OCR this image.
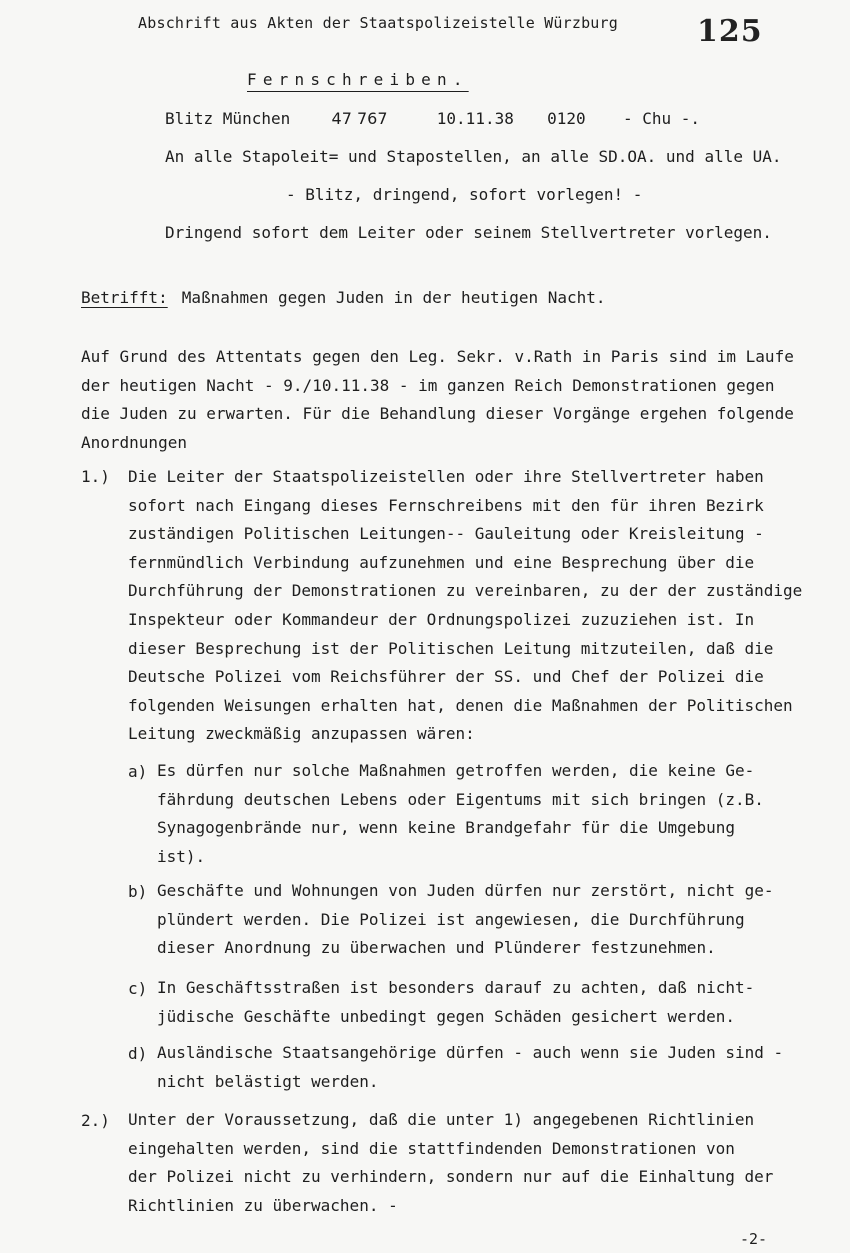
Abschrift aus Akten der Staatspolizeistelle Würzburg	125
Fernschreiben.
Blitz München	47 767	10.11.38 0120 - Chu -.
An alle Stapoleit= und Stapostellen, an alle SD.OA. und alle UA.
- Blitz, dringend, sofort vorlegen! -
Dringend sofort dem Leiter oder seinem Stellvertreter vorlegen.
Betrifft: Maßnahmen gegen Juden in der heutigen Nacht.
Auf Grund des Attentats gegen den Leg. Sekr. v.Rath in Paris sind im Laufe
der heutigen Nacht - 9./10.11.38 - im ganzen Reich Demonstrationen gegen
die Juden zu erwarten. Für die Behandlung dieser Vorgänge ergehen folgende
Anordnungen
1.) Die Leiter der Staatspolizeistellen oder ihre Stellvertreter haben
sofort nach Eingang dieses Fernschreibens mit den für ihren Bezirk
zuständigen Politischen Leitungen-- Gauleitung oder Kreisleitung -
fernmündlich Verbindung aufzunehmen und eine Besprechung über die
Durchführung der Demonstrationen zu vereinbaren, zu der der zuständige
Inspekteur oder Kommandeur der Ordnungspolizei zuzuziehen ist. In
dieser Besprechung ist der Politischen Leitung mitzuteilen, daß die
Deutsche Polizei vom Reichsführer der SS. und Chef der Polizei die
folgenden Weisungen erhalten hat, denen die Maßnahmen der Politischen
Leitung zweckmäßig anzupassen wären:
a) Es dürfen nur solche Maßnahmen getroffen werden, die keine Ge-
fährdung deutschen Lebens oder Eigentums mit sich bringen (z.B.
Synagogenbrände nur, wenn keine Brandgefahr für die Umgebung
ist).
b) Geschäfte und Wohnungen von Juden dürfen nur zerstört, nicht ge-
plündert werden. Die Polizei ist angewiesen, die Durchführung
dieser Anordnung zu überwachen und Plünderer festzunehmen.
c) In Geschäftsstraßen ist besonders darauf zu achten, daß nicht-
jüdische Geschäfte unbedingt gegen Schäden gesichert werden.
d) Ausländische Staatsangehörige dürfen - auch wenn sie Juden sind -
nicht belästigt werden.
2.) Unter der Voraussetzung, daß die unter 1) angegebenen Richtlinien
eingehalten werden, sind die stattfindenden Demonstrationen von
der Polizei nicht zu verhindern, sondern nur auf die Einhaltung der
Richtlinien zu überwachen. -
-2-
